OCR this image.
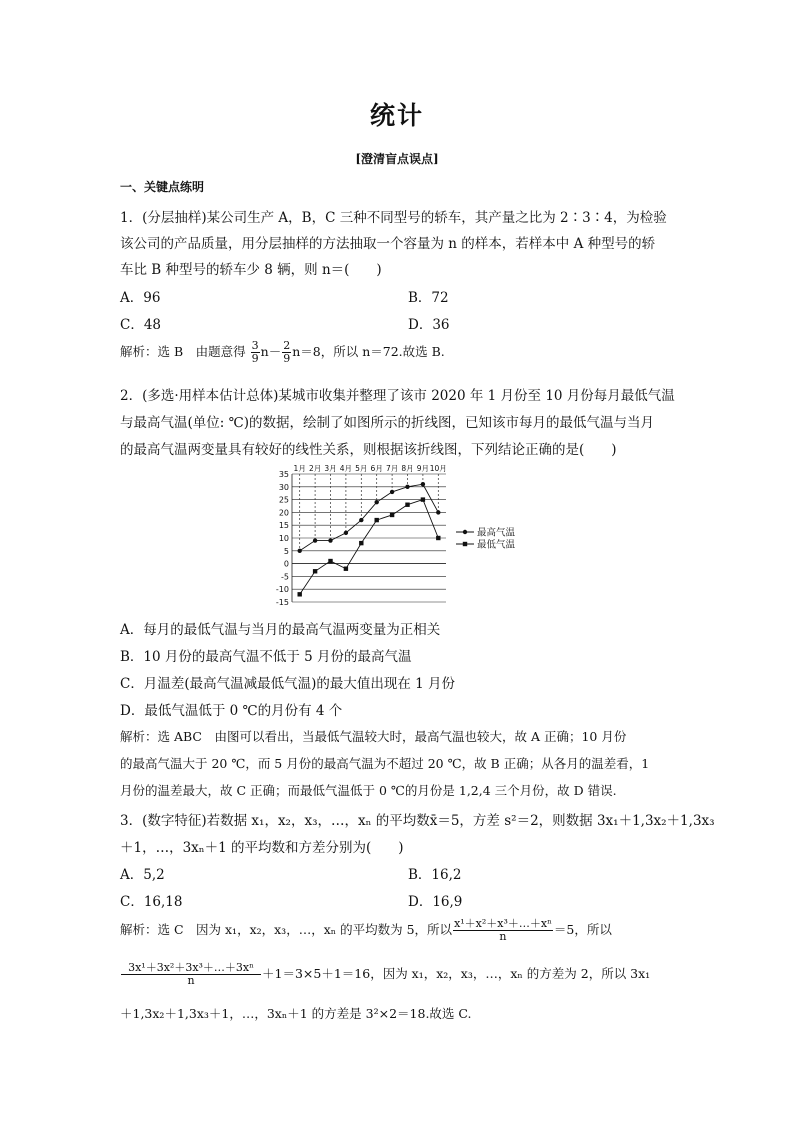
统计
[澄清盲点误点]
一、关键点练明
1．(分层抽样)某公司生产 A，B，C 三种不同型号的轿车，其产量之比为 2∶3∶4，为检验
该公司的产品质量，用分层抽样的方法抽取一个容量为 n 的样本，若样本中 A 种型号的轿
车比 B 种型号的轿车少 8 辆，则 n＝(　　)
A．96	B．72
C．48	D．36
解析：选 B　由题意得 $\frac{3}{9} n- \frac{2}{9} n=8$，所以 n＝72.故选 B.
2．(多选·用样本估计总体)某城市收集并整理了该市 2020 年 1 月份至 10 月份每月最低气温
与最高气温(单位: ℃)的数据，绘制了如图所示的折线图，已知该市每月的最低气温与当月
的最高气温两变量具有较好的线性关系，则根据该折线图，下列结论正确的是(　　)
35
30
25
20
15
10
5
0
-5
-10
-15
1月 2月 3月 4月 5月 6月 7月 8月 9月 10月
最高气温
最低气温
A．每月的最低气温与当月的最高气温两变量为正相关
B．10 月份的最高气温不低于 5 月份的最高气温
C．月温差(最高气温减最低气温)的最大值出现在 1 月份
D．最低气温低于 0 ℃的月份有 4 个
解析：选 ABC　由图可以看出，当最低气温较大时，最高气温也较大，故 A 正确；10 月份
的最高气温大于 20 ℃，而 5 月份的最高气温为不超过 20 ℃，故 B 正确；从各月的温差看，1
月份的温差最大，故 C 正确；而最低气温低于 0 ℃的月份是 1,2,4 三个月份，故 D 错误.
3．(数字特征)若数据 x₁，x₂，x₃，…，xₙ 的平均数x̄＝5，方差 s²＝2，则数据 3x₁＋1,3x₂＋1,3x₃
＋1，…，3xₙ＋1 的平均数和方差分别为(　　)
A．5,2	B．16,2
C．16,18	D．16,9
解析：选 C　因为 x₁，x₂，x₃，…，xₙ 的平均数为 5，所以 $\frac{\text{x¹＋x²＋x³＋…＋xⁿ}}{n} =5$，所以
$\frac{\text{3x¹＋3x²＋3x³＋…＋3xⁿ}}{n} +1=3\times 5+1=16$，因为 x₁，x₂，x₃，…，xₙ 的方差为 2，所以 3x₁
＋1,3x₂＋1,3x₃＋1，…，3xₙ＋1 的方差是 3²×2＝18.故选 C.
